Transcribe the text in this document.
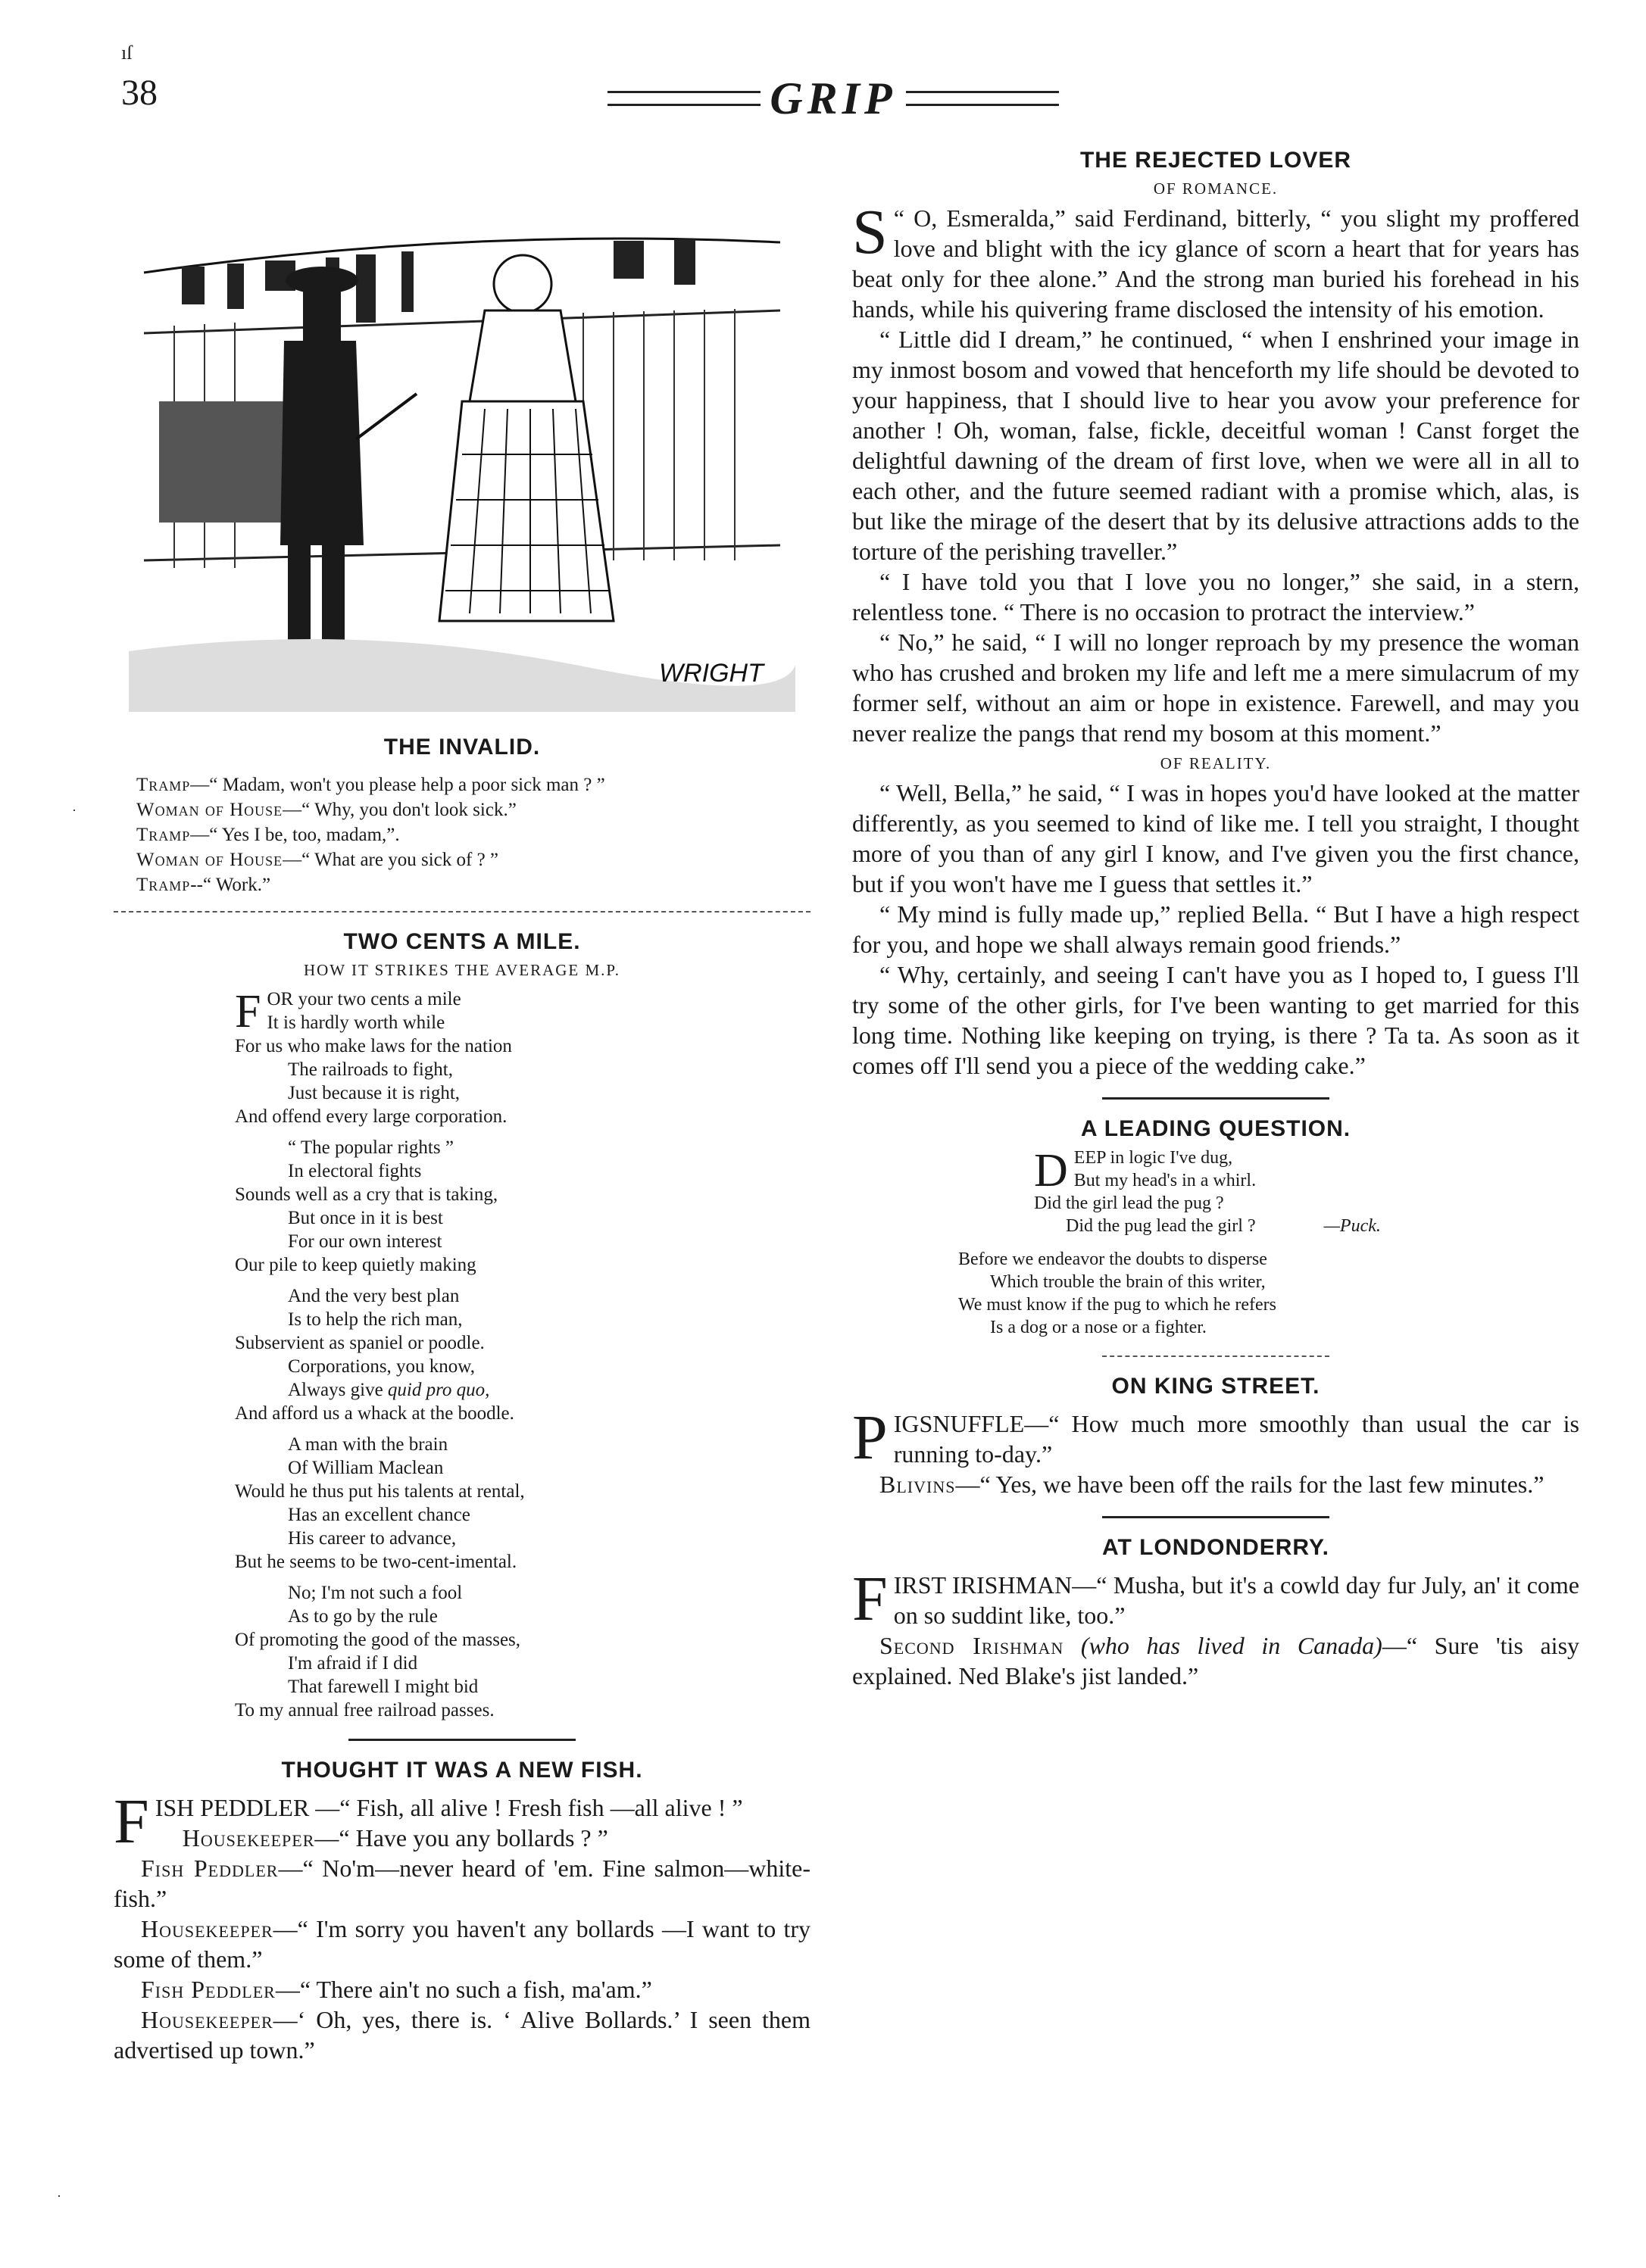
ıſ
38	GRIP
·
·
WRIGHT
THE INVALID.

Tramp—“ Madam, won't you please help a poor sick man ? ”

Woman of House—“ Why, you don't look sick.”

Tramp—“ Yes I be, too, madam,”.

Woman of House—“ What are you sick of ? ”

Tramp--“ Work.”

TWO CENTS A MILE.
HOW IT STRIKES THE AVERAGE M.P.
F OR your two cents a mile
It is hardly worth while
For us who make laws for the nation
The railroads to fight,
Just because it is right,
And offend every large corporation.
“ The popular rights ”
In electoral fights
Sounds well as a cry that is taking,
But once in it is best
For our own interest
Our pile to keep quietly making
And the very best plan
Is to help the rich man,
Subservient as spaniel or poodle.
Corporations, you know,
Always give quid pro quo,
And afford us a whack at the boodle.
A man with the brain
Of William Maclean
Would he thus put his talents at rental,
Has an excellent chance
His career to advance,
But he seems to be two-cent-imental.
No; I'm not such a fool
As to go by the rule
Of promoting the good of the masses,
I'm afraid if I did
That farewell I might bid
To my annual free railroad passes.
THOUGHT IT WAS A NEW FISH.

FISH PEDDLER —“ Fish, all alive ! Fresh fish —all alive ! ”

Housekeeper—“ Have you any bollards ? ”

Fish Peddler—“ No'm—never heard of 'em. Fine salmon—white-fish.”

Housekeeper—“ I'm sorry you haven't any bollards —I want to try some of them.”

Fish Peddler—“ There ain't no such a fish, ma'am.”

Housekeeper—‘ Oh, yes, there is. ‘ Alive Bollards.’ I seen them advertised up town.”

THE REJECTED LOVER
OF ROMANCE.

“
S O, Esmeralda,” said Ferdinand, bitterly, “ you slight my proffered love and blight with the icy glance of scorn a heart that for years has beat only for thee alone.” And the strong man buried his forehead in his hands, while his quivering frame disclosed the intensity of his emotion.

“ Little did I dream,” he continued, “ when I enshrined your image in my inmost bosom and vowed that henceforth my life should be devoted to your happiness, that I should live to hear you avow your preference for another ! Oh, woman, false, fickle, deceitful woman ! Canst forget the delightful dawning of the dream of first love, when we were all in all to each other, and the future seemed radiant with a promise which, alas, is but like the mirage of the desert that by its delusive attractions adds to the torture of the perishing traveller.”

“ I have told you that I love you no longer,” she said, in a stern, relentless tone. “ There is no occasion to protract the interview.”

“ No,” he said, “ I will no longer reproach by my presence the woman who has crushed and broken my life and left me a mere simulacrum of my former self, without an aim or hope in existence. Farewell, and may you never realize the pangs that rend my bosom at this moment.”

OF REALITY.

“ Well, Bella,” he said, “ I was in hopes you'd have looked at the matter differently, as you seemed to kind of like me. I tell you straight, I thought more of you than of any girl I know, and I've given you the first chance, but if you won't have me I guess that settles it.”

“ My mind is fully made up,” replied Bella. “ But I have a high respect for you, and hope we shall always remain good friends.”

“ Why, certainly, and seeing I can't have you as I hoped to, I guess I'll try some of the other girls, for I've been wanting to get married for this long time. Nothing like keeping on trying, is there ? Ta ta. As soon as it comes off I'll send you a piece of the wedding cake.”

A LEADING QUESTION.
D EEP in logic I've dug,
But my head's in a whirl.
Did the girl lead the pug ?
Did the pug lead the girl ?	—Puck.
Before we endeavor the doubts to disperse
Which trouble the brain of this writer,
We must know if the pug to which he refers
Is a dog or a nose or a fighter.
ON KING STREET.

PIGSNUFFLE—“ How much more smoothly than usual the car is running to-day.”

Blivins—“ Yes, we have been off the rails for the last few minutes.”

AT LONDONDERRY.

FIRST IRISHMAN—“ Musha, but it's a cowld day fur July, an' it come on so suddint like, too.”

Second Irishman (who has lived in Canada)—“ Sure 'tis aisy explained. Ned Blake's jist landed.”
